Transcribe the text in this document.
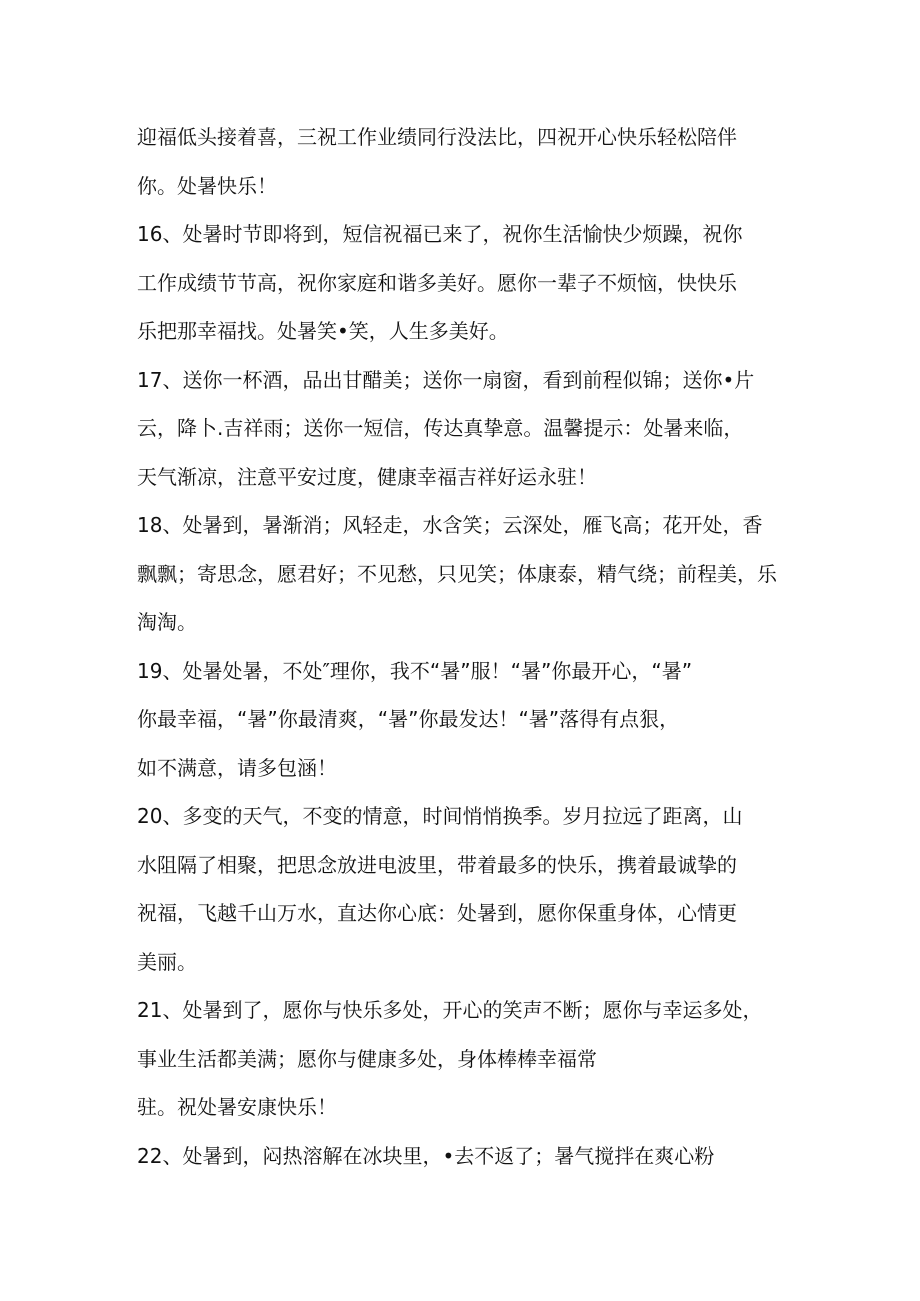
迎福低头接着喜，三祝工作业绩同行没法比，四祝开心快乐轻松陪伴
你。处暑快乐！
16、处暑时节即将到，短信祝福已来了，祝你生活愉快少烦躁，祝你
工作成绩节节高，祝你家庭和谐多美好。愿你一辈子不烦恼，快快乐
乐把那幸福找。处暑笑•笑，人生多美好。
17、送你一杯酒，品出甘醋美；送你一扇窗，看到前程似锦；送你•片
云，降卜.吉祥雨；送你一短信，传达真挚意。温馨提示：处暑来临，
天气渐凉，注意平安过度，健康幸福吉祥好运永驻！
18、处暑到，暑渐消；风轻走，水含笑；云深处，雁飞高；花开处，香
飘飘；寄思念，愿君好；不见愁，只见笑；体康泰，精气绕；前程美，乐
淘淘。
19、处暑处暑，不处″理你，我不“暑”服！“暑”你最开心，“暑”
你最幸福，“暑”你最清爽，“暑”你最发达！“暑”落得有点狠，
如不满意，请多包涵！
20、多变的天气，不变的情意，时间悄悄换季。岁月拉远了距离，山
水阻隔了相聚，把思念放进电波里，带着最多的快乐，携着最诚挚的
祝福，飞越千山万水，直达你心底：处暑到，愿你保重身体，心情更
美丽。
21、处暑到了，愿你与快乐多处，开心的笑声不断；愿你与幸运多处，
事业生活都美满；愿你与健康多处，身体棒棒幸福常
驻。祝处暑安康快乐！
22、处暑到，闷热溶解在冰块里，•去不返了；暑气搅拌在爽心粉
